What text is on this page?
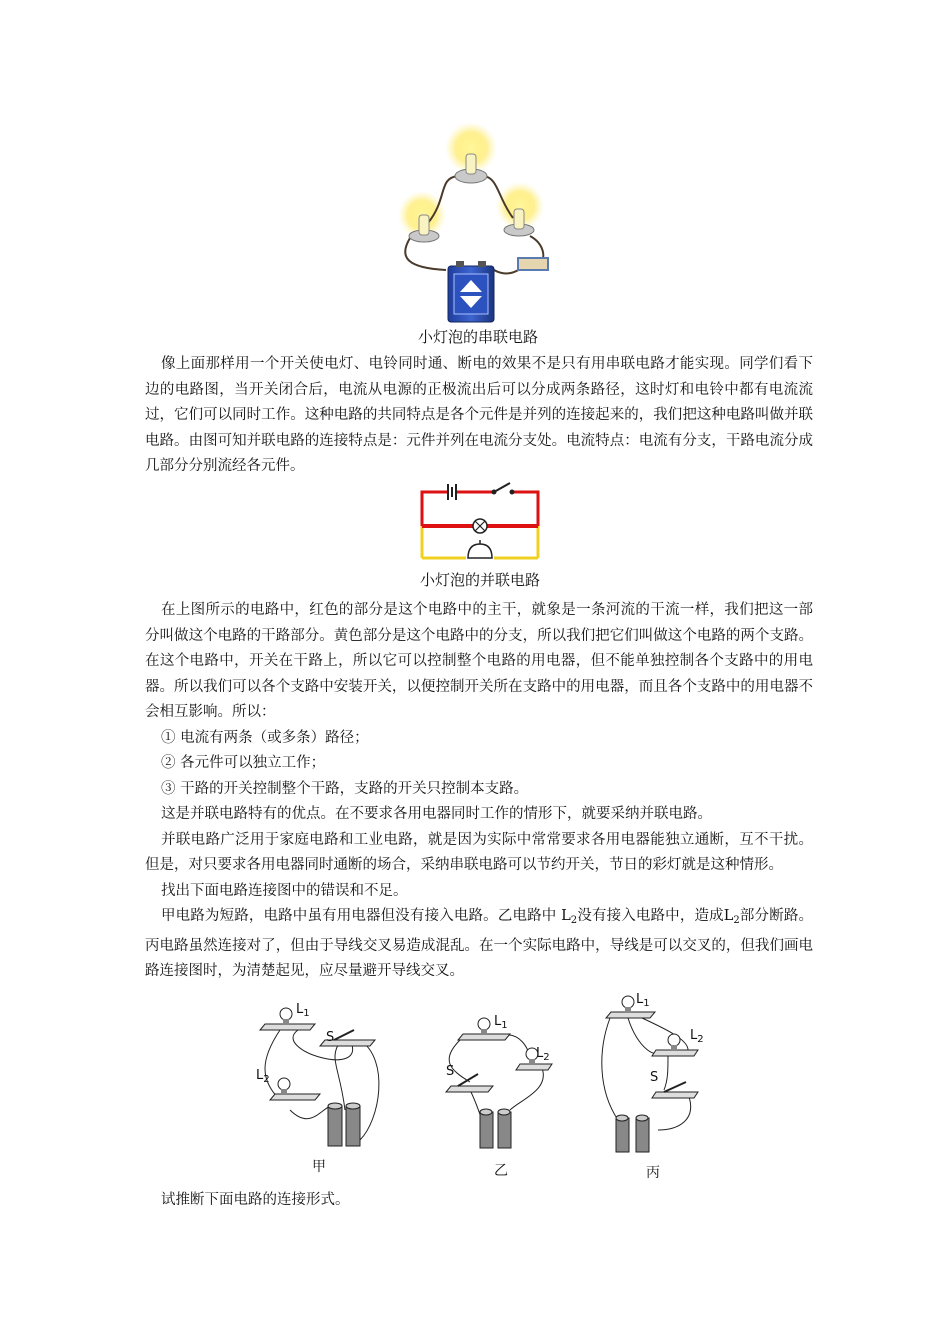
小灯泡的串联电路

像上面那样用一个开关使电灯、电铃同时通、断电的效果不是只有用串联电路才能实现。同学们看下边的电路图，当开关闭合后，电流从电源的正极流出后可以分成两条路径，这时灯和电铃中都有电流流过，它们可以同时工作。这种电路的共同特点是各个元件是并列的连接起来的，我们把这种电路叫做并联电路。由图可知并联电路的连接特点是：元件并列在电流分支处。电流特点：电流有分支，干路电流分成几部分分别流经各元件。

小灯泡的并联电路

在上图所示的电路中，红色的部分是这个电路中的主干，就象是一条河流的干流一样，我们把这一部分叫做这个电路的干路部分。黄色部分是这个电路中的分支，所以我们把它们叫做这个电路的两个支路。在这个电路中，开关在干路上，所以它可以控制整个电路的用电器，但不能单独控制各个支路中的用电器。所以我们可以各个支路中安装开关，以便控制开关所在支路中的用电器，而且各个支路中的用电器不会相互影响。所以：

① 电流有两条（或多条）路径；

② 各元件可以独立工作；

③ 干路的开关控制整个干路，支路的开关只控制本支路。

这是并联电路特有的优点。在不要求各用电器同时工作的情形下，就要采纳并联电路。

并联电路广泛用于家庭电路和工业电路，就是因为实际中常常要求各用电器能独立通断，互不干扰。但是，对只要求各用电器同时通断的场合，采纳串联电路可以节约开关，节日的彩灯就是这种情形。

找出下面电路连接图中的错误和不足。

甲电路为短路，电路中虽有用电器但没有接入电路。乙电路中 $L_2$没有接入电路中，造成$L_2$部分断路。丙电路虽然连接对了，但由于导线交叉易造成混乱。在一个实际电路中，导线是可以交叉的，但我们画电路连接图时，为清楚起见，应尽量避开导线交叉。

$L_1$
S
$L_2$
甲
$L_1$
$L_2$
S
乙
$L_1$
$L_2$
S
丙

试推断下面电路的连接形式。
